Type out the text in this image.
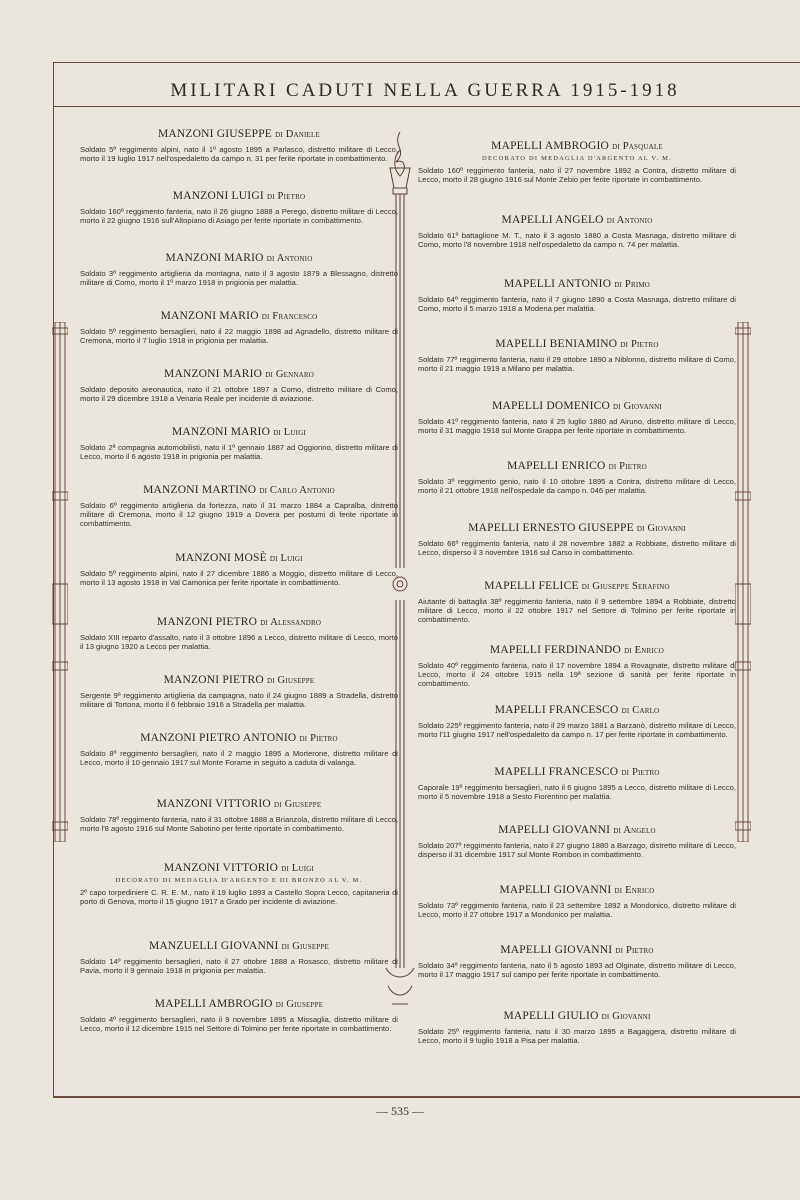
MILITARI CADUTI NELLA GUERRA 1915-1918
MANZONI GIUSEPPE di Daniele
Soldato 5º reggimento alpini, nato il 1º agosto 1895 a Parlasco, distretto militare di Lecco, morto il 19 luglio 1917 nell'ospedaletto da campo n. 31 per ferite riportate in combattimento.
MANZONI LUIGI di Pietro
Soldato 160º reggimento fanteria, nato il 26 giugno 1888 a Perego, distretto militare di Lecco, morto il 22 giugno 1916 sull'Altopiano di Asiago per ferite riportate in combattimento.
MANZONI MARIO di Antonio
Soldato 3º reggimento artiglieria da montagna, nato il 3 agosto 1879 a Blessagno, distretto militare di Como, morto il 1º marzo 1918 in prigionia per malattia.
MANZONI MARIO di Francesco
Soldato 5º reggimento bersaglieri, nato il 22 maggio 1898 ad Agnadello, distretto militare di Cremona, morto il 7 luglio 1918 in prigionia per malattia.
MANZONI MARIO di Gennaro
Soldato deposito areonautica, nato il 21 ottobre 1897 a Como, distretto militare di Como, morto il 29 dicembre 1918 a Venaria Reale per incidente di aviazione.
MANZONI MARIO di Luigi
Soldato 2ª compagnia automobilisti, nato il 1º gennaio 1887 ad Oggionno, distretto militare di Lecco, morto il 6 agosto 1918 in prigionia per malattia.
MANZONI MARTINO di Carlo Antonio
Soldato 6º reggimento artiglieria da fortezza, nato il 31 marzo 1884 a Capralba, distretto militare di Cremona, morto il 12 giugno 1919 a Dovera per postumi di ferite riportate in combattimento.
MANZONI MOSÈ di Luigi
Soldato 5º reggimento alpini, nato il 27 dicembre 1886 a Moggio, distretto militare di Lecco, morto il 13 agosto 1918 in Val Camonica per ferite riportate in combattimento.
MANZONI PIETRO di Alessandro
Soldato XIII reparto d'assalto, nato il 3 ottobre 1896 a Lecco, distretto militare di Lecco, morto il 13 giugno 1920 a Lecco per malattia.
MANZONI PIETRO di Giuseppe
Sergente 9º reggimento artiglieria da campagna, nato il 24 giugno 1889 a Stradella, distretto militare di Tortona, morto il 6 febbraio 1916 a Stradella per malattia.
MANZONI PIETRO ANTONIO di Pietro
Soldato 8º reggimento bersaglieri, nato il 2 maggio 1895 a Morterone, distretto militare di Lecco, morto il 10 gennaio 1917 sul Monte Forame in seguito a caduta di valanga.
MANZONI VITTORIO di Giuseppe
Soldato 78º reggimento fanteria, nato il 31 ottobre 1888 a Brianzola, distretto militare di Lecco, morto l'8 agosto 1916 sul Monte Sabotino per ferite riportate in combattimento.
MANZONI VITTORIO di Luigi
DECORATO DI MEDAGLIA D'ARGENTO E DI BRONZO AL V. M.
2º capo torpediniere C. R. E. M., nato il 19 luglio 1893 a Castello Sopra Lecco, capitaneria di porto di Genova, morto il 15 giugno 1917 a Grado per incidente di aviazione.
MANZUELLI GIOVANNI di Giuseppe
Soldato 14º reggimento bersaglieri, nato il 27 ottobre 1888 a Rosasco, distretto militare di Pavia, morto il 9 gennaio 1918 in prigionia per malattia.
MAPELLI AMBROGIO di Giuseppe
Soldato 4º reggimento bersaglieri, nato il 9 novembre 1895 a Missaglia, distretto militare di Lecco, morto il 12 dicembre 1915 nel Settore di Tolmino per ferite riportate in combattimento.
MAPELLI AMBROGIO di Pasquale
DECORATO DI MEDAGLIA D'ARGENTO AL V. M.
Soldato 160º reggimento fanteria, nato il 27 novembre 1892 a Contra, distretto militare di Lecco, morto il 28 giugno 1916 sul Monte Zebio per ferite riportate in combattimento.
MAPELLI ANGELO di Antonio
Soldato 61º battaglione M. T., nato il 3 agosto 1880 a Costa Masnaga, distretto militare di Como, morto l'8 novembre 1918 nell'ospedaletto da campo n. 74 per malattia.
MAPELLI ANTONIO di Primo
Soldato 64º reggimento fanteria, nato il 7 giugno 1890 a Costa Masnaga, distretto militare di Como, morto il 5 marzo 1918 a Modena per malattia.
MAPELLI BENIAMINO di Pietro
Soldato 77º reggimento fanteria, nato il 29 ottobre 1890 a Niblonno, distretto militare di Como, morto il 21 maggio 1919 a Milano per malattia.
MAPELLI DOMENICO di Giovanni
Soldato 41º reggimento fanteria, nato il 25 luglio 1880 ad Airuno, distretto militare di Lecco, morto il 31 maggio 1918 sul Monte Grappa per ferite riportate in combattimento.
MAPELLI ENRICO di Pietro
Soldato 3º reggimento genio, nato il 10 ottobre 1895 a Contra, distretto militare di Lecco, morto il 21 ottobre 1918 nell'ospedale da campo n. 046 per malattia.
MAPELLI ERNESTO GIUSEPPE di Giovanni
Soldato 66º reggimento fanteria, nato il 28 novembre 1882 a Robbiate, distretto militare di Lecco, disperso il 3 novembre 1916 sul Carso in combattimento.
MAPELLI FELICE di Giuseppe Serafino
Aiutante di battaglia 38º reggimento fanteria, nato il 9 settembre 1894 a Robbiate, distretto militare di Lecco, morto il 22 ottobre 1917 nel Settore di Tolmino per ferite riportate in combattimento.
MAPELLI FERDINANDO di Enrico
Soldato 40º reggimento fanteria, nato il 17 novembre 1894 a Rovagnate, distretto militare di Lecco, morto il 24 ottobre 1915 nella 19ª sezione di sanità per ferite riportate in combattimento.
MAPELLI FRANCESCO di Carlo
Soldato 225º reggimento fanteria, nato il 29 marzo 1881 a Barzanò, distretto militare di Lecco, morto l'11 giugno 1917 nell'ospedaletto da campo n. 17 per ferite riportate in combattimento.
MAPELLI FRANCESCO di Pietro
Caporale 19º reggimento bersaglieri, nato il 6 giugno 1895 a Lecco, distretto militare di Lecco, morto il 5 novembre 1918 a Sesto Fiorentino per malattia.
MAPELLI GIOVANNI di Angelo
Soldato 207º reggimento fanteria, nato il 27 giugno 1880 a Barzago, distretto militare di Lecco, disperso il 31 dicembre 1917 sul Monte Rombon in combattimento.
MAPELLI GIOVANNI di Enrico
Soldato 73º reggimento fanteria, nato il 23 settembre 1892 a Mondonico, distretto militare di Lecco, morto il 27 ottobre 1917 a Mondonico per malattia.
MAPELLI GIOVANNI di Pietro
Soldato 34º reggimento fanteria, nato il 5 agosto 1893 ad Olginate, distretto militare di Lecco, morto il 17 maggio 1917 sul campo per ferite riportate in combattimento.
MAPELLI GIULIO di Giovanni
Soldato 25º reggimento fanteria, nato il 30 marzo 1895 a Bagaggera, distretto militare di Lecco, morto il 9 luglio 1918 a Pisa per malattia.
— 535 —
